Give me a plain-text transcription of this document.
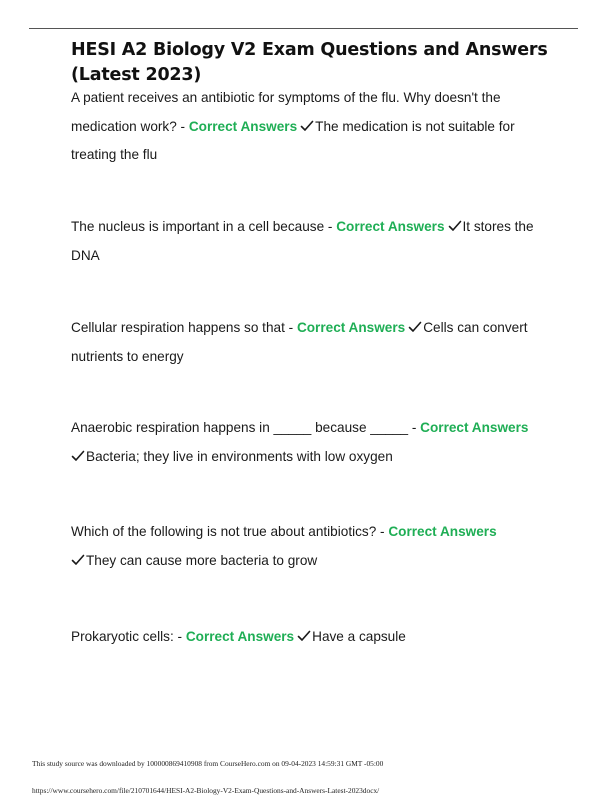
HESI A2 Biology V2 Exam Questions and Answers (Latest 2023)

A patient receives an antibiotic for symptoms of the flu. Why doesn't the medication work? - Correct Answers The medication is not suitable for treating the flu

The nucleus is important in a cell because - Correct Answers It stores the DNA

Cellular respiration happens so that - Correct Answers Cells can convert nutrients to energy

Anaerobic respiration happens in _____ because _____ - Correct Answers
Bacteria; they live in environments with low oxygen

Which of the following is not true about antibiotics? - Correct Answers
They can cause more bacteria to grow

Prokaryotic cells: - Correct Answers Have a capsule

This study source was downloaded by 100000869410908 from CourseHero.com on 09-04-2023 14:59:31 GMT -05:00
https://www.coursehero.com/file/210701644/HESI-A2-Biology-V2-Exam-Questions-and-Answers-Latest-2023docx/
